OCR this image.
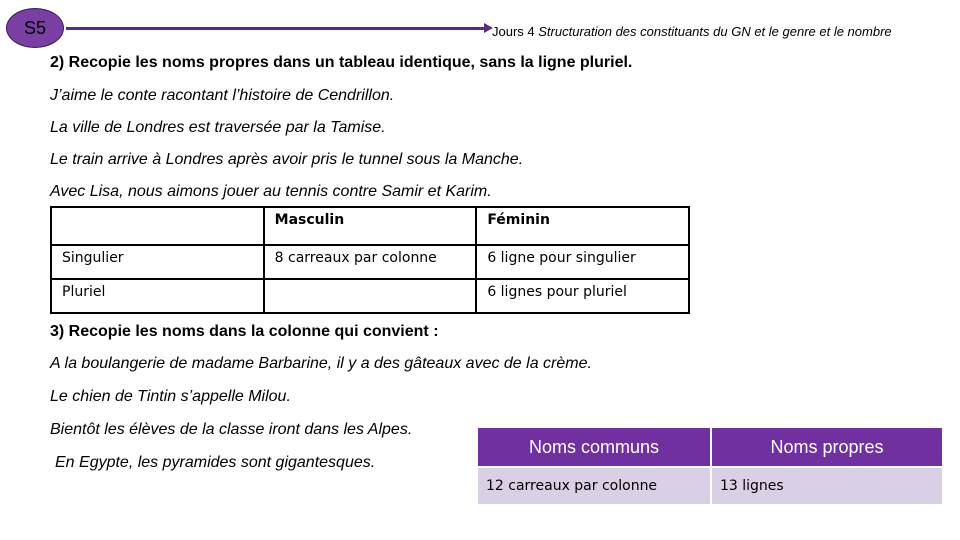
S5	Jours 4 Structuration des constituants du GN et le genre et le nombre
2) Recopie les noms propres dans un tableau identique, sans la ligne pluriel.
J’aime le conte racontant l’histoire de Cendrillon.
La ville de Londres est traversée par la Tamise.
Le train arrive à Londres après avoir pris le tunnel sous la Manche.
Avec Lisa, nous aimons jouer au tennis contre Samir et Karim.
	Masculin	Féminin
Singulier	8 carreaux par colonne	6 ligne pour singulier
Pluriel		6 lignes pour pluriel
3) Recopie les noms dans la colonne qui convient :
A la boulangerie de madame Barbarine, il y a des gâteaux avec de la crème.
Le chien de Tintin s’appelle Milou.
Bientôt les élèves de la classe iront dans les Alpes.
En Egypte, les pyramides sont gigantesques.
Noms communs	Noms propres
12 carreaux par colonne	13 lignes
